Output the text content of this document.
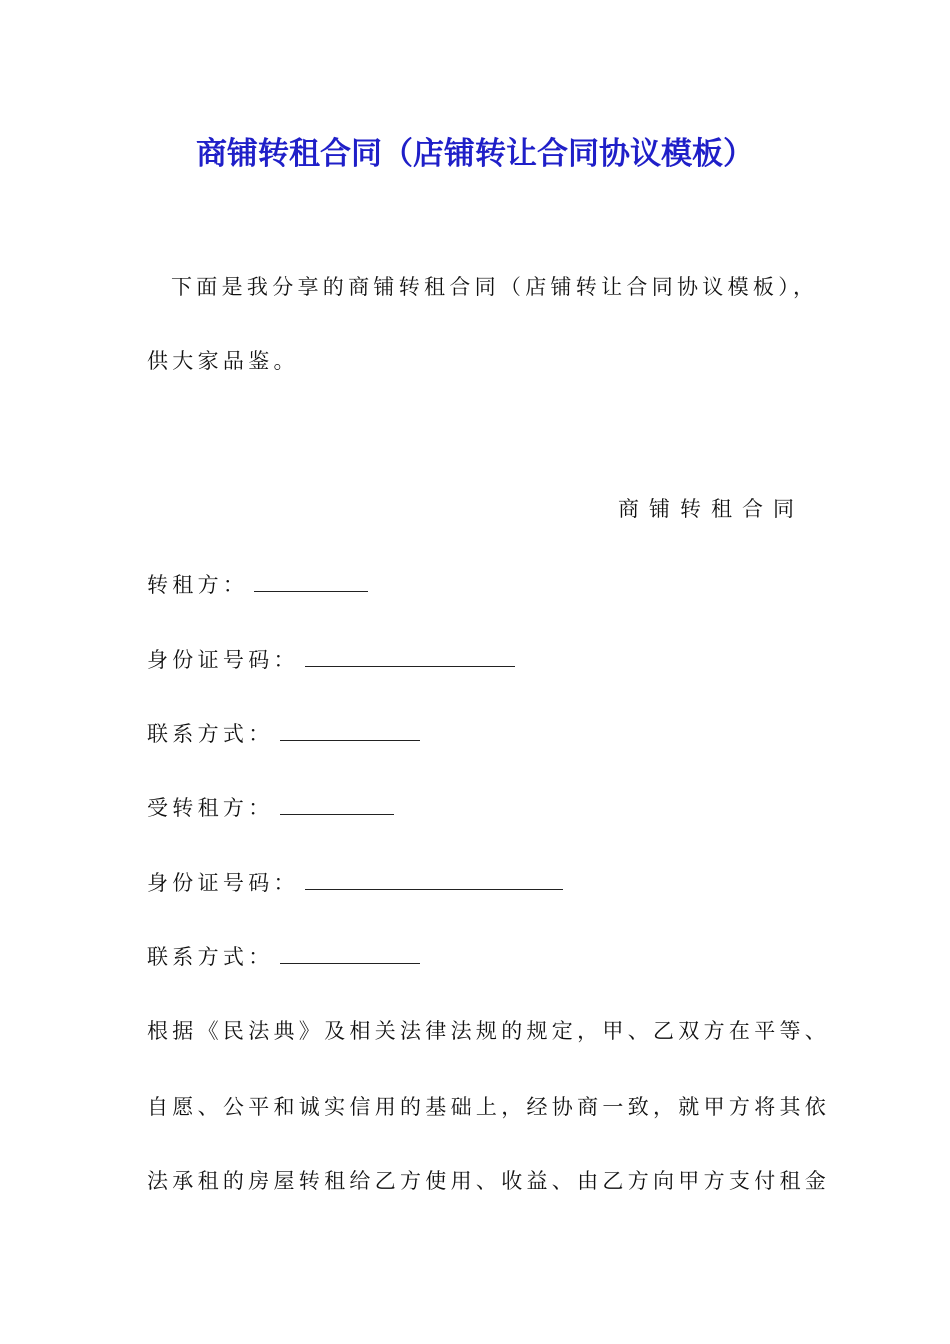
商铺转租合同（店铺转让合同协议模板）
下面是我分享的商铺转租合同（店铺转让合同协议模板），
供大家品鉴。
商铺转租合同
转租方：
身份证号码：
联系方式：
受转租方：
身份证号码：
联系方式：
根据《民法典》及相关法律法规的规定，甲、乙双方在平等、
自愿、公平和诚实信用的基础上，经协商一致，就甲方将其依
法承租的房屋转租给乙方使用、收益、由乙方向甲方支付租金
